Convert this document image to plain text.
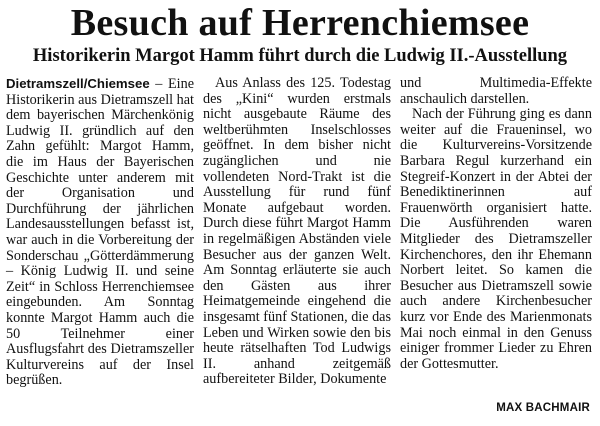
Besuch auf Herrenchiemsee
Historikerin Margot Hamm führt durch die Ludwig II.-Ausstellung

Dietramszell/Chiemsee – Eine Historikerin aus Dietramszell hat dem bayerischen Märchenkönig Ludwig II. gründlich auf den Zahn gefühlt: Margot Hamm, die im Haus der Bayerischen Geschichte unter anderem mit der Organisation und Durchführung der jährlichen Landesausstellungen befasst ist, war auch in die Vorbereitung der Sonderschau „Götterdämmerung – König Ludwig II. und seine Zeit“ in Schloss Herrenchiemsee eingebunden. Am Sonntag konnte Margot Hamm auch die 50 Teilnehmer einer Ausflugsfahrt des Dietramszeller Kulturvereins auf der Insel begrüßen.

Aus Anlass des 125. Todestag des „Kini“ wurden erstmals nicht ausgebaute Räume des weltberühmten Inselschlosses geöffnet. In dem bisher nicht zugänglichen und nie vollendeten Nord-Trakt ist die Ausstellung für rund fünf Monate aufgebaut worden. Durch diese führt Margot Hamm in regelmäßigen Abständen viele Besucher aus der ganzen Welt. Am Sonntag erläuterte sie auch den Gästen aus ihrer Heimatgemeinde eingehend die insgesamt fünf Stationen, die das Leben und Wirken sowie den bis heute rätselhaften Tod Ludwigs II. anhand zeitgemäß aufbereiteter Bilder, Dokumente

und Multimedia-Effekte anschaulich darstellen.

Nach der Führung ging es dann weiter auf die Fraueninsel, wo die Kulturvereins-Vorsitzende Barbara Regul kurzerhand ein Stegreif-Konzert in der Abtei der Benediktinerinnen auf Frauenwörth organisiert hatte. Die Ausführenden waren Mitglieder des Dietramszeller Kirchenchores, den ihr Ehemann Norbert leitet. So kamen die Besucher aus Dietramszell sowie auch andere Kirchenbesucher kurz vor Ende des Marienmonats Mai noch einmal in den Genuss einiger frommer Lieder zu Ehren der Gottesmutter.

MAX BACHMAIR
